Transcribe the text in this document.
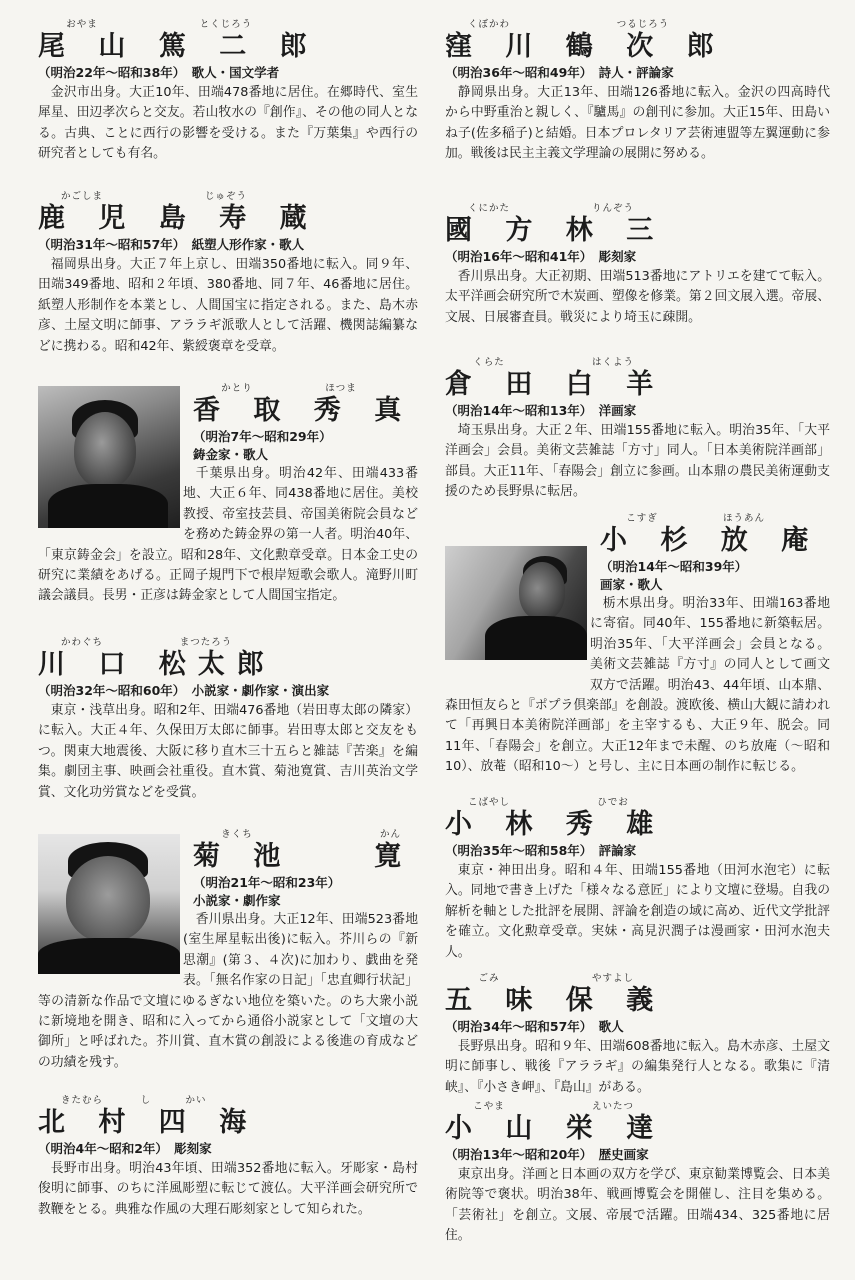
おやま	とくじろう
尾 山 篤 二 郎
（明治22年～昭和38年）　 歌人・国文学者
金沢市出身。大正10年、田端478番地に居住。在郷時代、室生犀星、田辺孝次らと交友。若山牧水の『創作』、その他の同人となる。古典、ことに西行の影響を受ける。また『万葉集』や西行の研究者としても有名。
かごしま	じゅぞう
鹿 児 島 寿 蔵
（明治31年～昭和57年）　 紙塑人形作家・歌人
福岡県出身。大正７年上京し、田端350番地に転入。同９年、田端349番地、昭和２年頃、380番地、同７年、46番地に居住。紙塑人形制作を本業とし、人間国宝に指定される。また、島木赤彦、土屋文明に師事、アララギ派歌人として活躍、機関誌編纂などに携わる。昭和42年、紫綬褒章を受章。
かとり	ほつま
香 取 秀 真
（明治7年～昭和29年）
鋳金家・歌人

千葉県出身。明治42年、田端433番地、大正６年、同438番地に居住。美校教授、帝室技芸員、帝国美術院会員などを務めた鋳金界の第一人者。明治40年、「東京鋳金会」を設立。昭和28年、文化勲章受章。日本金工史の研究に業績をあげる。正岡子規門下で根岸短歌会歌人。滝野川町議会議員。長男・正彦は鋳金家として人間国宝指定。

かわぐち	まつたろう
川 口 松太郎
（明治32年～昭和60年）　 小説家・劇作家・演出家
東京・浅草出身。昭和2年、田端476番地（岩田専太郎の隣家）に転入。大正４年、久保田万太郎に師事。岩田専太郎と交友をもつ。関東大地震後、大阪に移り直木三十五らと雑誌『苦楽』を編集。劇団主事、映画会社重役。直木賞、菊池寛賞、吉川英治文学賞、文化功労賞などを受賞。
きくち	かん
菊 池 　 寛
（明治21年～昭和23年）
小説家・劇作家

香川県出身。大正12年、田端523番地(室生犀星転出後)に転入。芥川らの『新思潮』(第３、４次)に加わり、戯曲を発表。「無名作家の日記」「忠直卿行状記」等の清新な作品で文壇にゆるぎない地位を築いた。のち大衆小説に新境地を開き、昭和に入ってから通俗小説家として「文壇の大御所」と呼ばれた。芥川賞、直木賞の創設による後進の育成などの功績を残す。

きたむら	し	かい
北 村 四 海
（明治4年～昭和2年）　 彫刻家
長野市出身。明治43年頃、田端352番地に転入。牙彫家・島村俊明に師事、のちに洋風彫塑に転じて渡仏。大平洋画会研究所で教鞭をとる。典雅な作風の大理石彫刻家として知られた。
くぼかわ	つるじろう
窪 川 鶴 次 郎
（明治36年～昭和49年）　 詩人・評論家
静岡県出身。大正13年、田端126番地に転入。金沢の四高時代から中野重治と親しく、『驢馬』の創刊に参加。大正15年、田島いね子(佐多稲子)と結婚。日本プロレタリア芸術連盟等左翼運動に参加。戦後は民主主義文学理論の展開に努める。
くにかた	りんぞう
國 方 林 三
（明治16年～昭和41年）　 彫刻家
香川県出身。大正初期、田端513番地にアトリエを建てて転入。太平洋画会研究所で木炭画、塑像を修業。第２回文展入選。帝展、文展、日展審査員。戦災により埼玉に疎開。
くらた	はくよう
倉 田 白 羊
（明治14年～昭和13年）　 洋画家
埼玉県出身。大正２年、田端155番地に転入。明治35年、「大平洋画会」会員。美術文芸雑誌「方寸」同人。「日本美術院洋画部」部員。大正11年、「春陽会」創立に参画。山本鼎の農民美術運動支援のため長野県に転居。
こすぎ	ほうあん
小 杉 放 庵
（明治14年～昭和39年）
画家・歌人

栃木県出身。明治33年、田端163番地に寄宿。同40年、155番地に新築転居。明治35年、「大平洋画会」会員となる。美術文芸雑誌『方寸』の同人として画文双方で活躍。明治43、44年頃、山本鼎、森田恒友らと『ポプラ倶楽部』を創設。渡欧後、横山大観に請われて「再興日本美術院洋画部」を主宰するも、大正９年、脱会。同11年、「春陽会」を創立。大正12年まで未醒、のち放庵（～昭和10）、放菴（昭和10～）と号し、主に日本画の制作に転じる。

こばやし	ひでお
小 林 秀 雄
（明治35年～昭和58年）　 評論家
東京・神田出身。昭和４年、田端155番地（田河水泡宅）に転入。同地で書き上げた「様々なる意匠」により文壇に登場。自我の解析を軸とした批評を展開、評論を創造の域に高め、近代文学批評を確立。文化勲章受章。実妹・高見沢潤子は漫画家・田河水泡夫人。
ごみ	やすよし
五 味 保 義
（明治34年～昭和57年）　 歌人
長野県出身。昭和９年、田端608番地に転入。島木赤彦、土屋文明に師事し、戦後『アララギ』の編集発行人となる。歌集に『清峡』、『小さき岬』、『島山』がある。
こやま	えいたつ
小 山 栄 達
（明治13年～昭和20年）　 歴史画家
東京出身。洋画と日本画の双方を学び、東京勧業博覧会、日本美術院等で褒状。明治38年、戦画博覧会を開催し、注目を集める。「芸術社」を創立。文展、帝展で活躍。田端434、325番地に居住。
